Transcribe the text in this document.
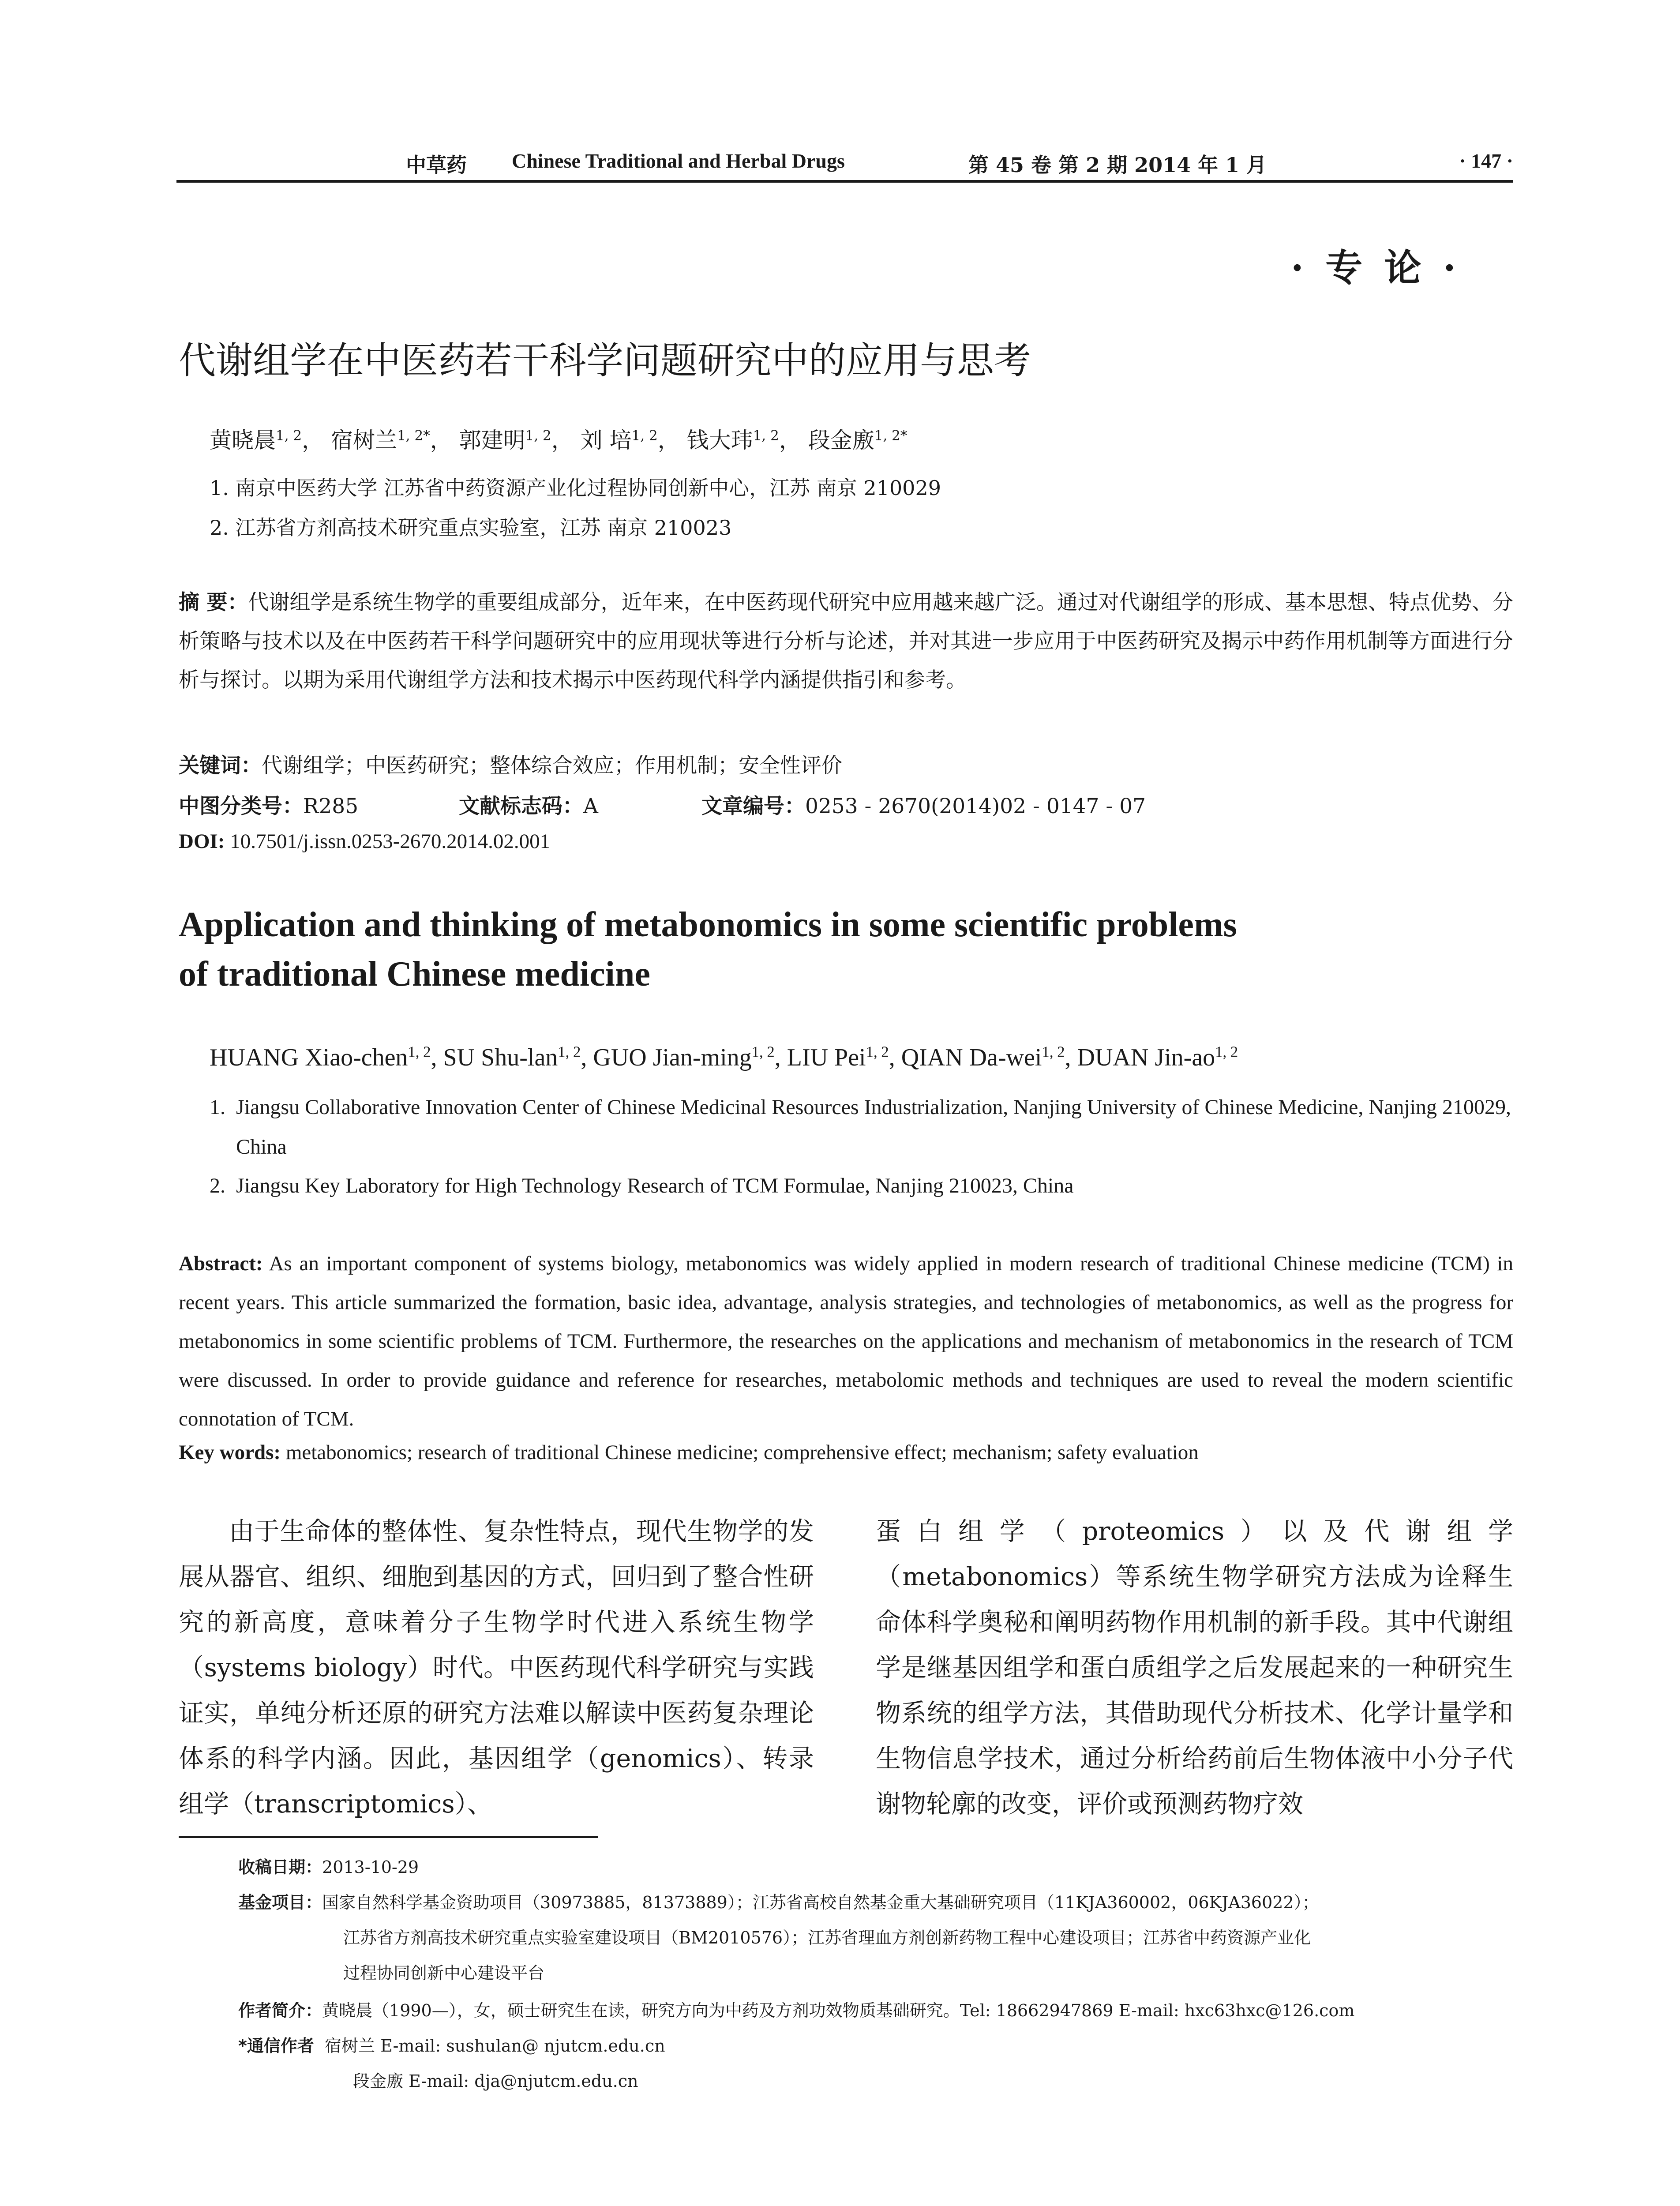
中草药 Chinese Traditional and Herbal Drugs	第 45 卷 第 2 期 2014 年 1 月	· 147 ·
· 专 论 ·
代谢组学在中医药若干科学问题研究中的应用与思考
黄晓晨$^{1, 2}$， 宿树兰$^{1, 2*}$， 郭建明$^{1, 2}$， 刘 培$^{1, 2}$， 钱大玮$^{1, 2}$， 段金廒$^{1, 2*}$
1. 南京中医药大学 江苏省中药资源产业化过程协同创新中心，江苏 南京 210029
2. 江苏省方剂高技术研究重点实验室，江苏 南京 210023
摘 要：代谢组学是系统生物学的重要组成部分，近年来，在中医药现代研究中应用越来越广泛。通过对代谢组学的形成、基本思想、特点优势、分析策略与技术以及在中医药若干科学问题研究中的应用现状等进行分析与论述，并对其进一步应用于中医药研究及揭示中药作用机制等方面进行分析与探讨。以期为采用代谢组学方法和技术揭示中医药现代科学内涵提供指引和参考。
关键词：代谢组学；中医药研究；整体综合效应；作用机制；安全性评价
中图分类号：R285	文献标志码：A	文章编号：0253 - 2670(2014)02 - 0147 - 07
DOI: 10.7501/j.issn.0253-2670.2014.02.001
Application and thinking of metabonomics in some scientific problems
of traditional Chinese medicine
HUANG Xiao-chen$^{1, 2}$, SU Shu-lan$^{1, 2}$, GUO Jian-ming$^{1, 2}$, LIU Pei$^{1, 2}$, QIAN Da-wei$^{1, 2}$, DUAN Jin-ao$^{1, 2}$
1. Jiangsu Collaborative Innovation Center of Chinese Medicinal Resources Industrialization, Nanjing University of Chinese Medicine, Nanjing 210029, China
2. Jiangsu Key Laboratory for High Technology Research of TCM Formulae, Nanjing 210023, China
Abstract: As an important component of systems biology, metabonomics was widely applied in modern research of traditional Chinese medicine (TCM) in recent years. This article summarized the formation, basic idea, advantage, analysis strategies, and technologies of metabonomics, as well as the progress for metabonomics in some scientific problems of TCM. Furthermore, the researches on the applications and mechanism of metabonomics in the research of TCM were discussed. In order to provide guidance and reference for researches, metabolomic methods and techniques are used to reveal the modern scientific connotation of TCM.
Key words: metabonomics; research of traditional Chinese medicine; comprehensive effect; mechanism; safety evaluation
由于生命体的整体性、复杂性特点，现代生物学的发展从器官、组织、细胞到基因的方式，回归到了整合性研究的新高度，意味着分子生物学时代进入系统生物学（systems biology）时代。中医药现代科学研究与实践证实，单纯分析还原的研究方法难以解读中医药复杂理论体系的科学内涵。因此，基因组学（genomics）、转录组学（transcriptomics）、
蛋白组学（proteomics）以及代谢组学（metabonomics）等系统生物学研究方法成为诠释生命体科学奥秘和阐明药物作用机制的新手段。其中代谢组学是继基因组学和蛋白质组学之后发展起来的一种研究生物系统的组学方法，其借助现代分析技术、化学计量学和生物信息学技术，通过分析给药前后生物体液中小分子代谢物轮廓的改变，评价或预测药物疗效
收稿日期：2013-10-29
基金项目：国家自然科学基金资助项目（30973885，81373889）；江苏省高校自然基金重大基础研究项目（11KJA360002，06KJA36022）；
江苏省方剂高技术研究重点实验室建设项目（BM2010576）；江苏省理血方剂创新药物工程中心建设项目；江苏省中药资源产业化
过程协同创新中心建设平台
作者简介：黄晓晨（1990—），女，硕士研究生在读，研究方向为中药及方剂功效物质基础研究。Tel: 18662947869 E-mail: hxc63hxc@126.com
*通信作者 宿树兰 E-mail: sushulan@ njutcm.edu.cn
段金廒 E-mail: dja@njutcm.edu.cn
